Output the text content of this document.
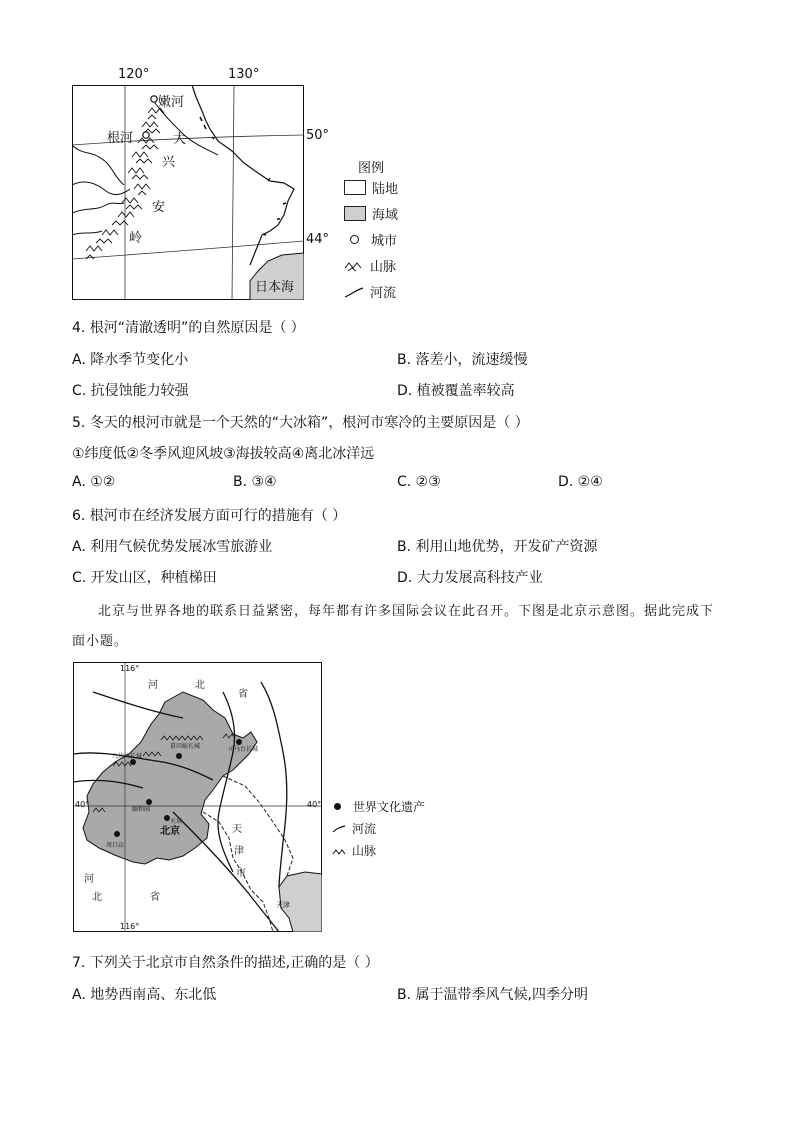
120°	130°
嫩河
根河	大
兴
安
岭
日本海
50°
44°
图例
陆地
海域
城市
山脉
河流
4. 根河“清澈透明”的自然原因是（ ）
A. 降水季节变化小	B. 落差小，流速缓慢
C. 抗侵蚀能力较强	D. 植被覆盖率较高
5. 冬天的根河市就是一个天然的“大冰箱”，根河市寒冷的主要原因是（ ）
①纬度低②冬季风迎风坡③海拔较高④离北冰洋远
A. ①②	B. ③④	C. ②③	D. ②④
6. 根河市在经济发展方面可行的措施有（ ）
A. 利用气候优势发展冰雪旅游业	B. 利用山地优势，开发矿产资源
C. 开发山区，种植梯田	D. 大力发展高科技产业
北京与世界各地的联系日益紧密，每年都有许多国际会议在此召开。下图是北京示意图。据此完成下
面小题。
116°
116°
40°	40°
河	北
省
河
北	省
天
津
市
天津
北京
慕田峪长城	司马台长城
八达岭长城
颐和园
天坛
周口店
世界文化遗产
河流
山脉
7. 下列关于北京市自然条件的描述,正确的是（ ）
A. 地势西南高、东北低	B. 属于温带季风气候,四季分明
